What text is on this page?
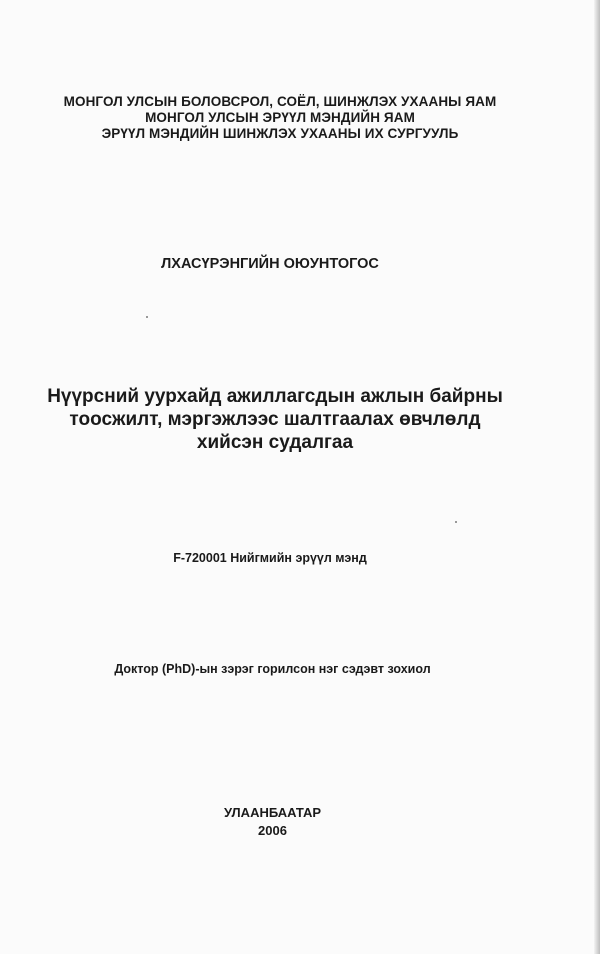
МОНГОЛ УЛСЫН БОЛОВСРОЛ, СОЁЛ, ШИНЖЛЭХ УХААНЫ ЯАМ
МОНГОЛ УЛСЫН ЭРҮҮЛ МЭНДИЙН ЯАМ
ЭРҮҮЛ МЭНДИЙН ШИНЖЛЭХ УХААНЫ ИХ СУРГУУЛЬ
ЛХАСҮРЭНГИЙН ОЮУНТОГОС
Нүүрсний уурхайд ажиллагсдын ажлын байрны
тоосжилт, мэргэжлээс шалтгаалах өвчлөлд
хийсэн судалгаа
F-720001 Нийгмийн эрүүл мэнд
Доктор (PhD)-ын зэрэг горилсон нэг сэдэвт зохиол
УЛААНБААТАР
2006
